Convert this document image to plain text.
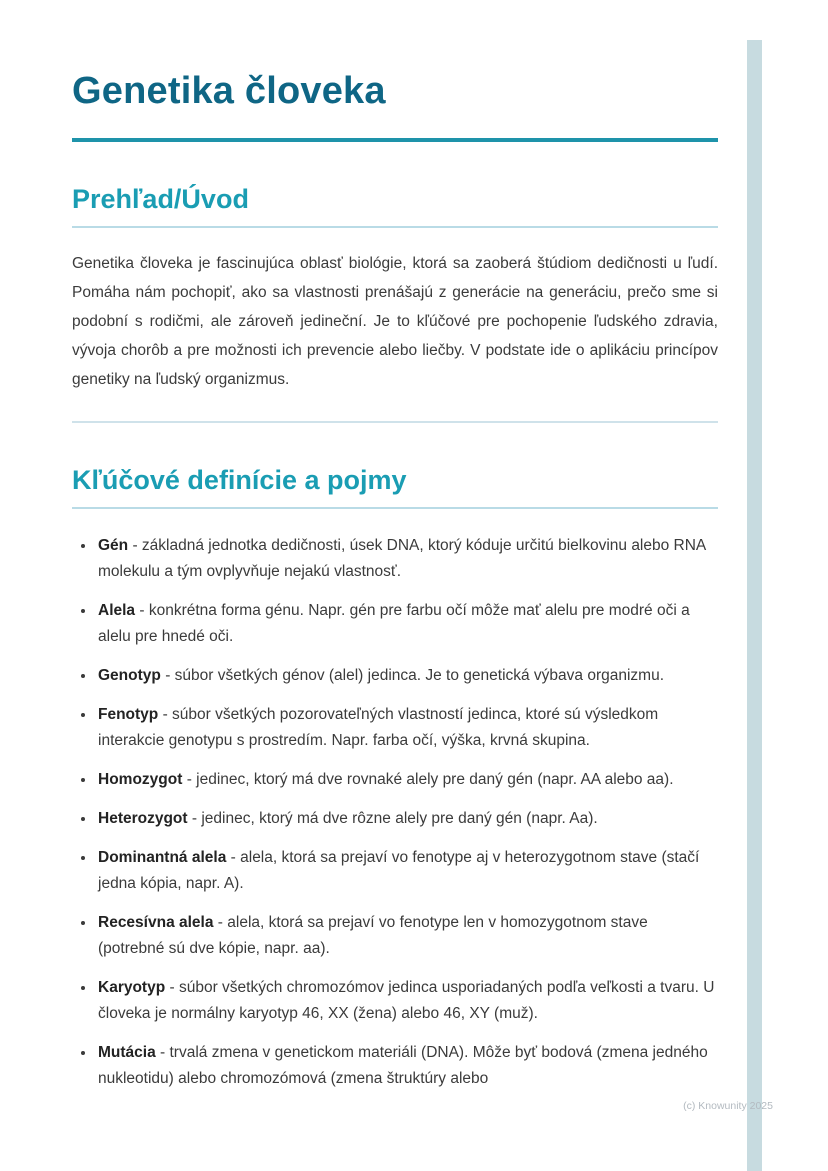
Genetika človeka
Prehľad/Úvod

Genetika človeka je fascinujúca oblasť biológie, ktorá sa zaoberá štúdiom dedičnosti u ľudí. Pomáha nám pochopiť, ako sa vlastnosti prenášajú z generácie na generáciu, prečo sme si podobní s rodičmi, ale zároveň jedineční. Je to kľúčové pre pochopenie ľudského zdravia, vývoja chorôb a pre možnosti ich prevencie alebo liečby. V podstate ide o aplikáciu princípov genetiky na ľudský organizmus.

Kľúčové definície a pojmy
• Gén - základná jednotka dedičnosti, úsek DNA, ktorý kóduje určitú bielkovinu alebo RNA molekulu a tým ovplyvňuje nejakú vlastnosť.
• Alela - konkrétna forma génu. Napr. gén pre farbu očí môže mať alelu pre modré oči a alelu pre hnedé oči.
• Genotyp - súbor všetkých génov (alel) jedinca. Je to genetická výbava organizmu.
• Fenotyp - súbor všetkých pozorovateľných vlastností jedinca, ktoré sú výsledkom interakcie genotypu s prostredím. Napr. farba očí, výška, krvná skupina.
• Homozygot - jedinec, ktorý má dve rovnaké alely pre daný gén (napr. AA alebo aa).
• Heterozygot - jedinec, ktorý má dve rôzne alely pre daný gén (napr. Aa).
• Dominantná alela - alela, ktorá sa prejaví vo fenotype aj v heterozygotnom stave (stačí jedna kópia, napr. A).
• Recesívna alela - alela, ktorá sa prejaví vo fenotype len v homozygotnom stave (potrebné sú dve kópie, napr. aa).
• Karyotyp - súbor všetkých chromozómov jedinca usporiadaných podľa veľkosti a tvaru. U človeka je normálny karyotyp 46, XX (žena) alebo 46, XY (muž).
• Mutácia - trvalá zmena v genetickom materiáli (DNA). Môže byť bodová (zmena jedného nukleotidu) alebo chromozómová (zmena štruktúry alebo
(c) Knowunity 2025
